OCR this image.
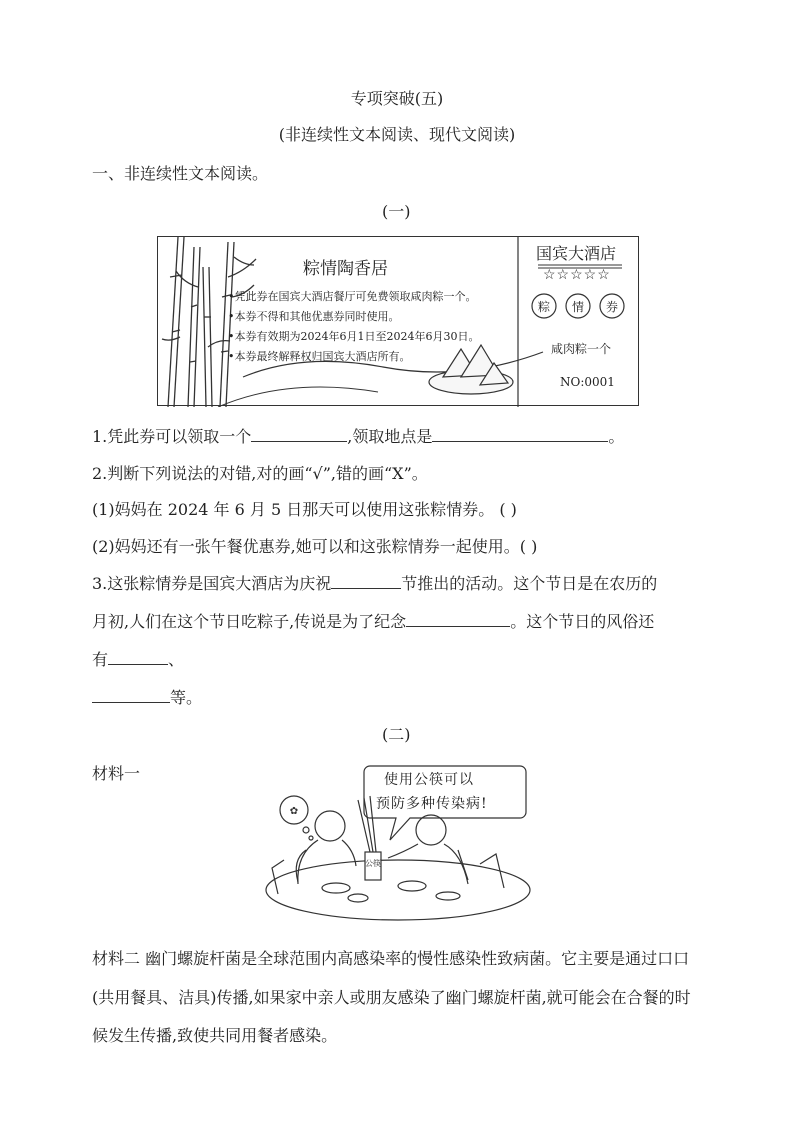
专项突破(五)
(非连续性文本阅读、现代文阅读)
一、非连续性文本阅读。
(一)
粽情陶香居
•凭此券在国宾大酒店餐厅可免费领取咸肉粽一个。
•本券不得和其他优惠券同时使用。
•本券有效期为2024年6月1日至2024年6月30日。
•本券最终解释权归国宾大酒店所有。
国宾大酒店
☆☆☆☆☆
粽 情 券
咸肉粽一个
NO:0001
1.凭此券可以领取一个	,领取地点是	。
2.判断下列说法的对错,对的画“√”,错的画“X”。
(1)妈妈在 2024 年 6 月 5 日那天可以使用这张粽情券。 ( )
(2)妈妈还有一张午餐优惠券,她可以和这张粽情券一起使用。( )
3.这张粽情券是国宾大酒店为庆祝	节推出的活动。这个节日是在农历的
月初,人们在这个节日吃粽子,传说是为了纪念	。这个节日的风俗还
有	、
等。
(二)
材料一
✿
使用公筷可以
预防多种传染病!
公筷
材料二 幽门螺旋杆菌是全球范围内高感染率的慢性感染性致病菌。它主要是通过口口
(共用餐具、洁具)传播,如果家中亲人或朋友感染了幽门螺旋杆菌,就可能会在合餐的时
候发生传播,致使共同用餐者感染。
